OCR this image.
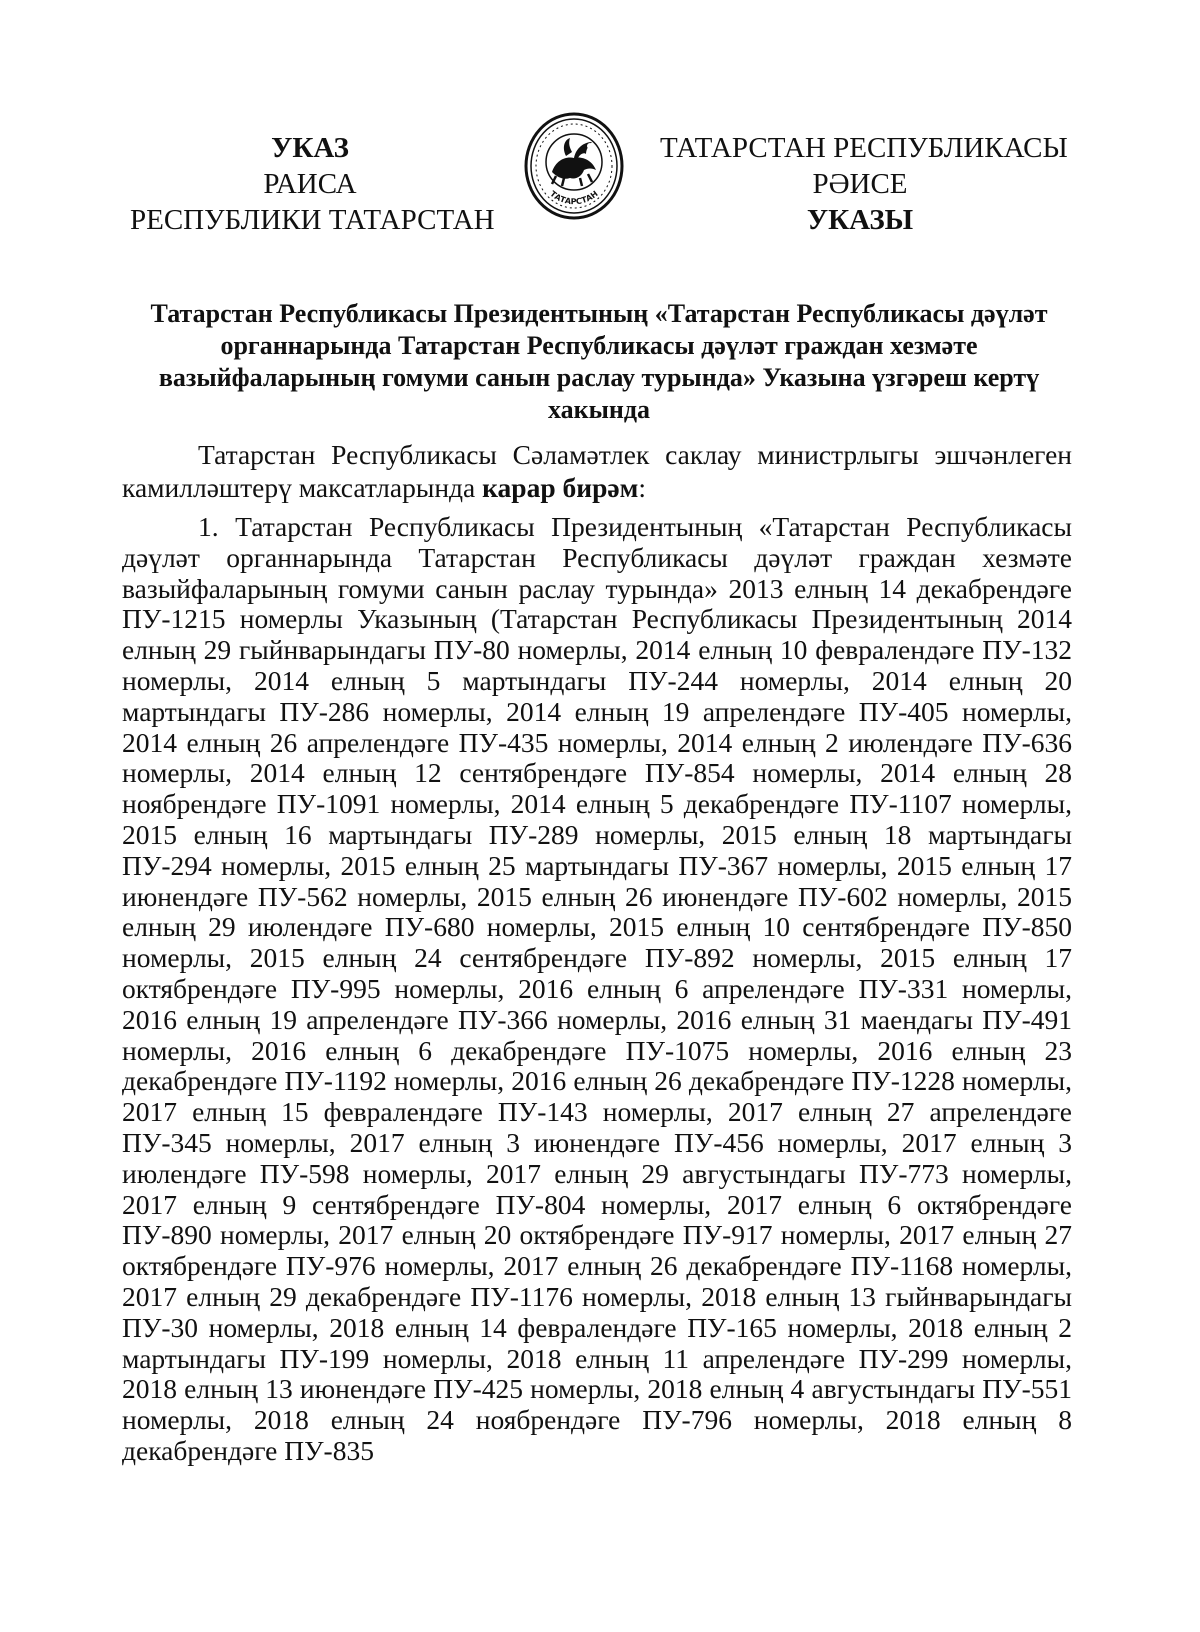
УКАЗ
РАИСА
РЕСПУБЛИКИ ТАТАРСТАН
ТАТАРСТАН
ТАТАРСТАН РЕСПУБЛИКАСЫ
РӘИСЕ
УКАЗЫ
Татарстан Республикасы Президентының «Татарстан Республикасы дәүләт органнарында Татарстан Республикасы дәүләт граждан хезмәте вазыйфаларының гомуми санын раслау турында» Указына үзгәреш кертү хакында
Татарстан Республикасы Сәламәтлек саклау министрлыгы эшчәнлеген камилләштерү максатларында карар бирәм:

1. Татарстан Республикасы Президентының «Татарстан Республикасы дәүләт органнарында Татарстан Республикасы дәүләт граждан хезмәте вазыйфаларының гомуми санын раслау турында» 2013 елның 14 декабрендәге ПУ-1215 номерлы Указының (Татарстан Республикасы Президентының 2014 елның 29 гыйнварындагы ПУ-80 номерлы, 2014 елның 10 февралендәге ПУ-132 номерлы, 2014 елның 5 мартындагы ПУ-244 номерлы, 2014 елның 20 мартындагы ПУ-286 номерлы, 2014 елның 19 апрелендәге ПУ-405 номерлы, 2014 елның 26 апрелендәге ПУ-435 номерлы, 2014 елның 2 июлендәге ПУ-636 номерлы, 2014 елның 12 сентябрендәге ПУ-854 номерлы, 2014 елның 28 ноябрендәге ПУ-1091 номерлы, 2014 елның 5 декабрендәге ПУ-1107 номерлы, 2015 елның 16 мартындагы ПУ-289 номерлы, 2015 елның 18 мартындагы ПУ-294 номерлы, 2015 елның 25 мартындагы ПУ-367 номерлы, 2015 елның 17 июнендәге ПУ-562 номерлы, 2015 елның 26 июнендәге ПУ-602 номерлы, 2015 елның 29 июлендәге ПУ-680 номерлы, 2015 елның 10 сентябрендәге ПУ-850 номерлы, 2015 елның 24 сентябрендәге ПУ-892 номерлы, 2015 елның 17 октябрендәге ПУ-995 номерлы, 2016 елның 6 апрелендәге ПУ-331 номерлы, 2016 елның 19 апрелендәге ПУ-366 номерлы, 2016 елның 31 маендагы ПУ-491 номерлы, 2016 елның 6 декабрендәге ПУ-1075 номерлы, 2016 елның 23 декабрендәге ПУ-1192 номерлы, 2016 елның 26 декабрендәге ПУ-1228 номерлы, 2017 елның 15 февралендәге ПУ-143 номерлы, 2017 елның 27 апрелендәге ПУ-345 номерлы, 2017 елның 3 июнендәге ПУ-456 номерлы, 2017 елның 3 июлендәге ПУ-598 номерлы, 2017 елның 29 августындагы ПУ-773 номерлы, 2017 елның 9 сентябрендәге ПУ-804 номерлы, 2017 елның 6 октябрендәге ПУ-890 номерлы, 2017 елның 20 октябрендәге ПУ-917 номерлы, 2017 елның 27 октябрендәге ПУ-976 номерлы, 2017 елның 26 декабрендәге ПУ-1168 номерлы, 2017 елның 29 декабрендәге ПУ-1176 номерлы, 2018 елның 13 гыйнварындагы ПУ-30 номерлы, 2018 елның 14 февралендәге ПУ-165 номерлы, 2018 елның 2 мартындагы ПУ-199 номерлы, 2018 елның 11 апрелендәге ПУ-299 номерлы, 2018 елның 13 июнендәге ПУ-425 номерлы, 2018 елның 4 августындагы ПУ-551 номерлы, 2018 елның 24 ноябрендәге ПУ-796 номерлы, 2018 елның 8 декабрендәге ПУ-835
